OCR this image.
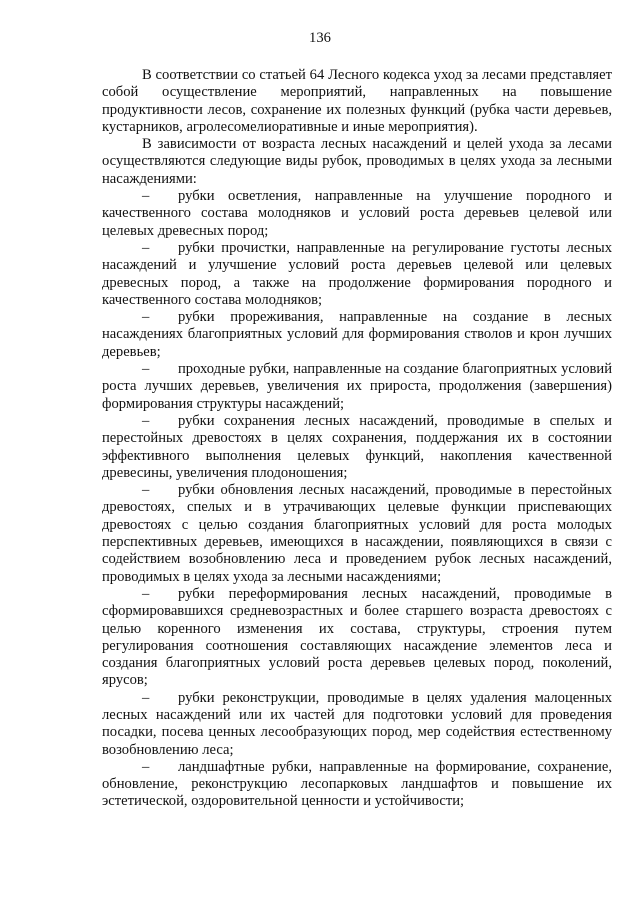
136

В соответствии со статьей 64 Лесного кодекса уход за лесами представляет собой осуществление мероприятий, направленных на повышение продуктивности лесов, сохранение их полезных функций (рубка части деревьев, кустарников, агролесомелиоративные и иные мероприятия).

В зависимости от возраста лесных насаждений и целей ухода за лесами осуществляются следующие виды рубок, проводимых в целях ухода за лесными насаждениями:

– рубки осветления, направленные на улучшение породного и качественного состава молодняков и условий роста деревьев целевой или целевых древесных пород;
– рубки прочистки, направленные на регулирование густоты лесных насаждений и улучшение условий роста деревьев целевой или целевых древесных пород, а также на продолжение формирования породного и качественного состава молодняков;
– рубки прореживания, направленные на создание в лесных насаждениях благоприятных условий для формирования стволов и крон лучших деревьев;
– проходные рубки, направленные на создание благоприятных условий роста лучших деревьев, увеличения их прироста, продолжения (завершения) формирования структуры насаждений;
– рубки сохранения лесных насаждений, проводимые в спелых и перестойных древостоях в целях сохранения, поддержания их в состоянии эффективного выполнения целевых функций, накопления качественной древесины, увеличения плодоношения;
– рубки обновления лесных насаждений, проводимые в перестойных древостоях, спелых и в утрачивающих целевые функции приспевающих древостоях с целью создания благоприятных условий для роста молодых перспективных деревьев, имеющихся в насаждении, появляющихся в связи с содействием возобновлению леса и проведением рубок лесных насаждений, проводимых в целях ухода за лесными насаждениями;
– рубки переформирования лесных насаждений, проводимые в сформировавшихся средневозрастных и более старшего возраста древостоях с целью коренного изменения их состава, структуры, строения путем регулирования соотношения составляющих насаждение элементов леса и создания благоприятных условий роста деревьев целевых пород, поколений, ярусов;
– рубки реконструкции, проводимые в целях удаления малоценных лесных насаждений или их частей для подготовки условий для проведения посадки, посева ценных лесообразующих пород, мер содействия естественному возобновлению леса;
– ландшафтные рубки, направленные на формирование, сохранение, обновление, реконструкцию лесопарковых ландшафтов и повышение их эстетической, оздоровительной ценности и устойчивости;
